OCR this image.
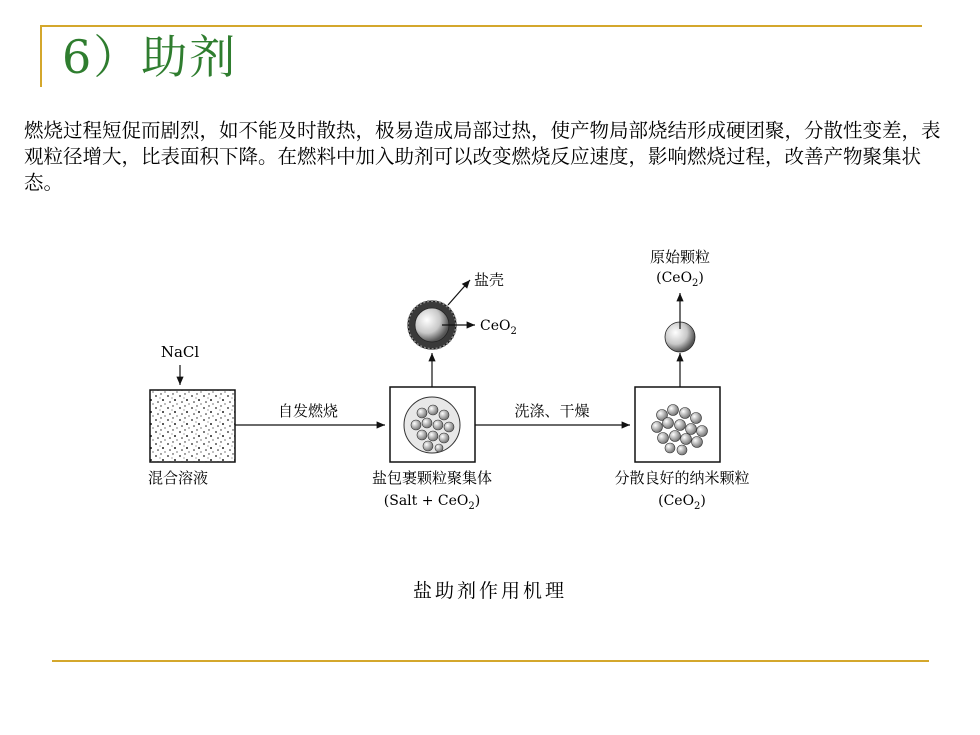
6）助剂
燃烧过程短促而剧烈，如不能及时散热，极易造成局部过热，使产物局部烧结形成硬团聚，分散性变差，表观粒径增大，比表面积下降。在燃料中加入助剂可以改变燃烧反应速度，影响燃烧过程，改善产物聚集状态。
NaCl
混合溶液
自发燃烧
盐包裹颗粒聚集体
(Salt + CeO$_2$)
盐壳
CeO$_2$
洗涤、干燥
分散良好的纳米颗粒
(CeO$_2$)
原始颗粒
(CeO$_2$)
盐助剂作用机理
